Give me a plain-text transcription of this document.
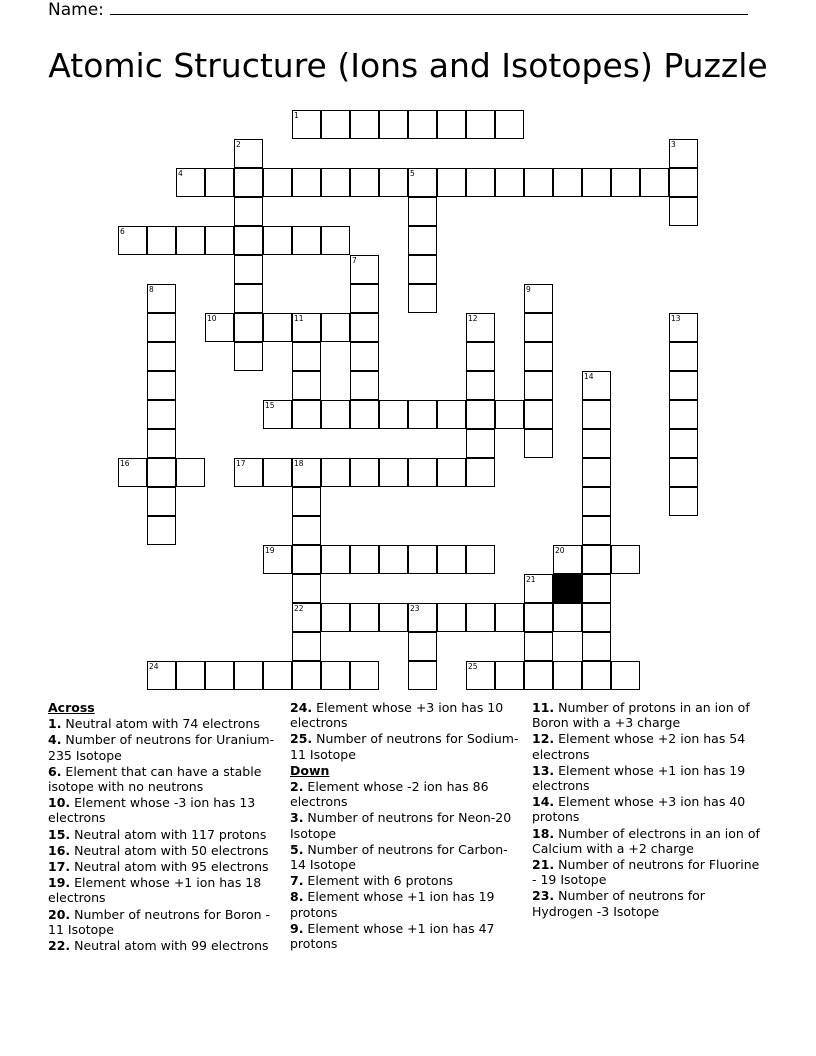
Name:
Atomic Structure (Ions and Isotopes) Puzzle
1
2	3
4	5
6
7
8	9
10	11	12	13
14
15
16	17	18
22
19	20
21
23
24	25
Across
1. Neutral atom with 74 electrons
4. Number of neutrons for Uranium-235 Isotope
6. Element that can have a stable isotope with no neutrons
10. Element whose -3 ion has 13 electrons
15. Neutral atom with 117 protons
16. Neutral atom with 50 electrons
17. Neutral atom with 95 electrons
19. Element whose +1 ion has 18 electrons
20. Number of neutrons for Boron - 11 Isotope
22. Neutral atom with 99 electrons
24. Element whose +3 ion has 10 electrons
25. Number of neutrons for Sodium-11 Isotope
Down
2. Element whose -2 ion has 86 electrons
3. Number of neutrons for Neon-20 Isotope
5. Number of neutrons for Carbon-14 Isotope
7. Element with 6 protons
8. Element whose +1 ion has 19 protons
9. Element whose +1 ion has 47 protons
11. Number of protons in an ion of Boron with a +3 charge
12. Element whose +2 ion has 54 electrons
13. Element whose +1 ion has 19 electrons
14. Element whose +3 ion has 40 protons
18. Number of electrons in an ion of Calcium with a +2 charge
21. Number of neutrons for Fluorine - 19 Isotope
23. Number of neutrons for Hydrogen -3 Isotope
